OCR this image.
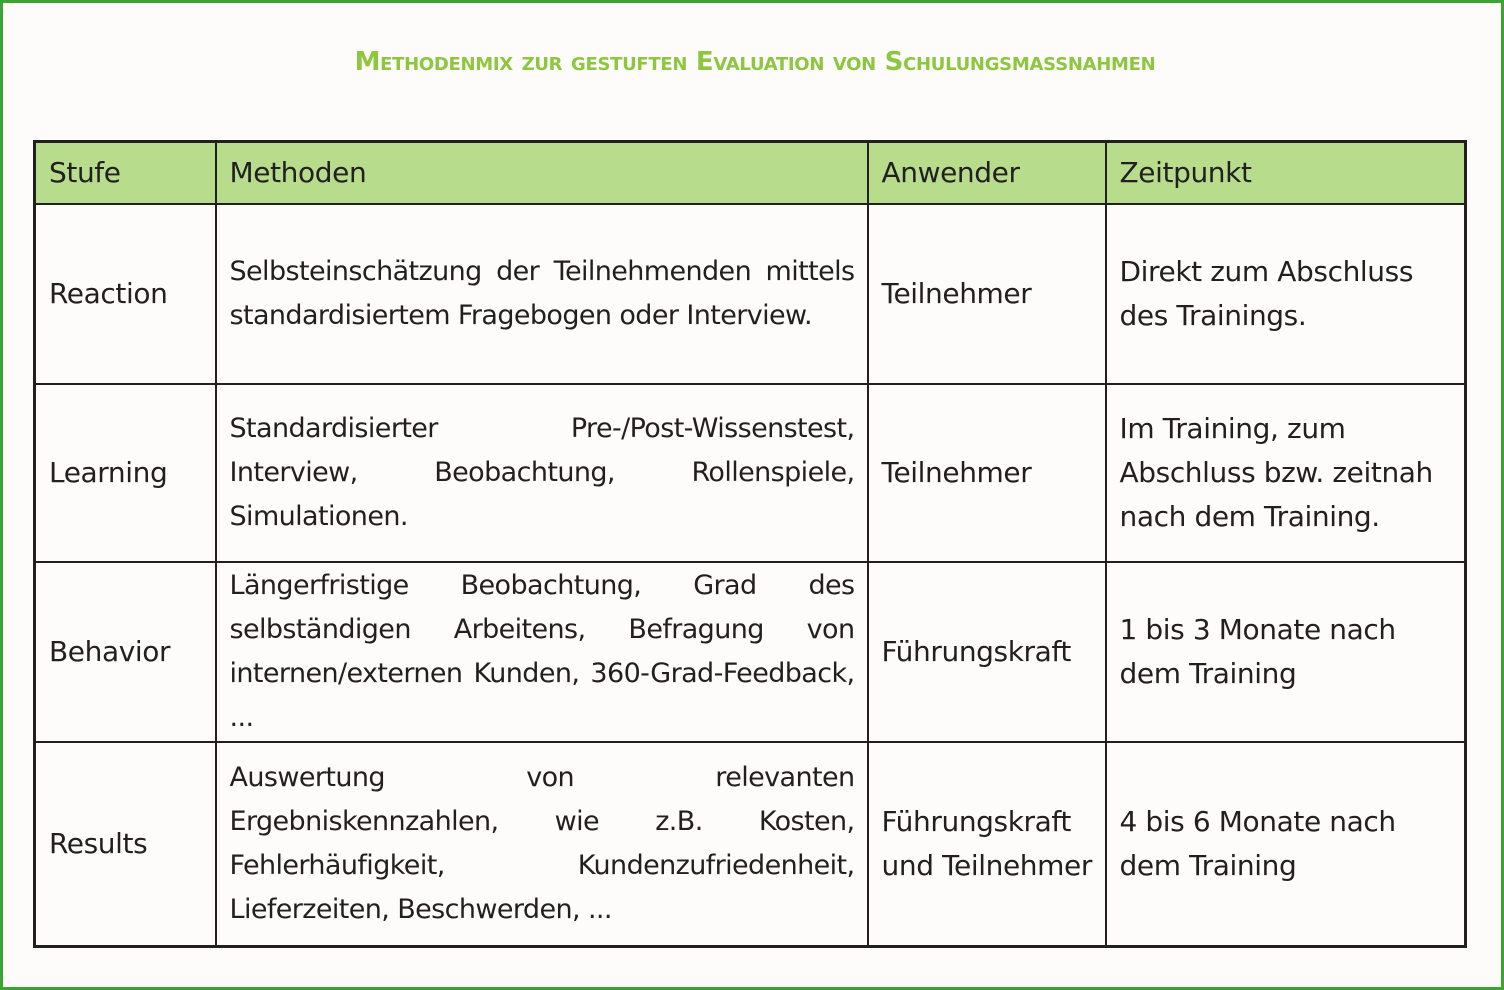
Methodenmix zur gestuften Evaluation von Schulungsmaßnahmen
Stufe	Methoden	Anwender	Zeitpunkt
Reaction	Selbsteinschätzung der Teilnehmenden mittels standardisiertem Fragebogen oder Interview.	Teilnehmer	Direkt zum Abschluss des Trainings.
Learning	Standardisierter Pre-/Post-Wissenstest, Interview, Beobachtung, Rollenspiele, Simulationen.	Teilnehmer	Im Training, zum Abschluss bzw. zeitnah nach dem Training.
Behavior	Längerfristige Beobachtung, Grad des selbständigen Arbeitens, Befragung von internen/externen Kunden, 360-Grad-Feedback, ...	Führungskraft	1 bis 3 Monate nach dem Training
Results	Auswertung von relevanten Ergebniskennzahlen, wie z.B. Kosten, Fehlerhäufigkeit, Kundenzufriedenheit, Lieferzeiten, Beschwerden, ...	Führungskraft und Teilnehmer	4 bis 6 Monate nach dem Training
